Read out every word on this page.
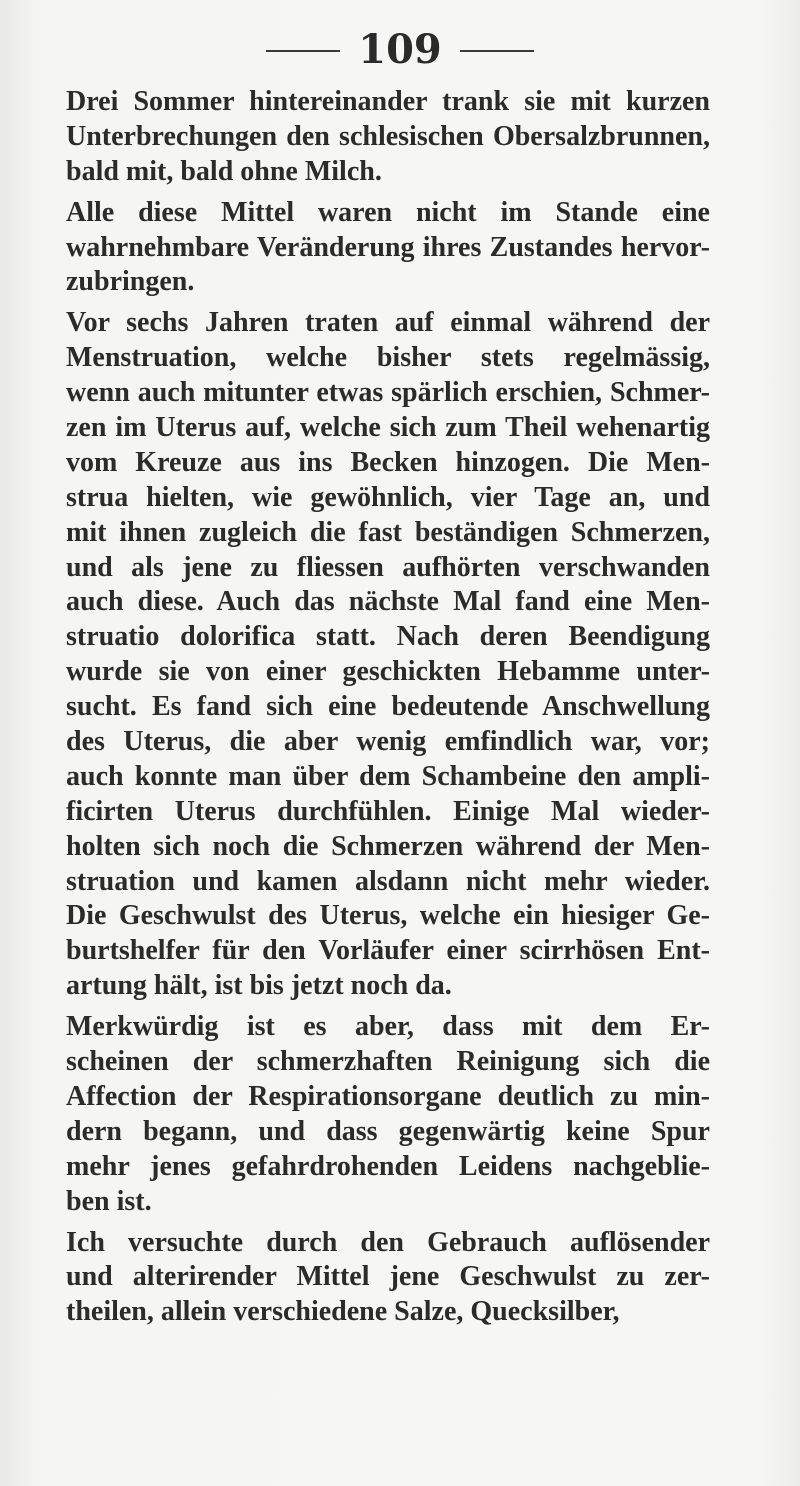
109
Drei Sommer hintereinander trank sie mit kurzen
Unterbrechungen den schlesischen Obersalzbrunnen,
bald mit, bald ohne Milch.
Alle diese Mittel waren nicht im Stande eine
wahrnehmbare Veränderung ihres Zustandes hervor-
zubringen.
Vor sechs Jahren traten auf einmal während der
Menstruation, welche bisher stets regelmässig,
wenn auch mitunter etwas spärlich erschien, Schmer-
zen im Uterus auf, welche sich zum Theil wehenartig
vom Kreuze aus ins Becken hinzogen. Die Men-
strua hielten, wie gewöhnlich, vier Tage an, und
mit ihnen zugleich die fast beständigen Schmerzen,
und als jene zu fliessen aufhörten verschwanden
auch diese. Auch das nächste Mal fand eine Men-
struatio dolorifica statt. Nach deren Beendigung
wurde sie von einer geschickten Hebamme unter-
sucht. Es fand sich eine bedeutende Anschwellung
des Uterus, die aber wenig emfindlich war, vor;
auch konnte man über dem Schambeine den ampli-
ficirten Uterus durchfühlen. Einige Mal wieder-
holten sich noch die Schmerzen während der Men-
struation und kamen alsdann nicht mehr wieder.
Die Geschwulst des Uterus, welche ein hiesiger Ge-
burtshelfer für den Vorläufer einer scirrhösen Ent-
artung hält, ist bis jetzt noch da.
Merkwürdig ist es aber, dass mit dem Er-
scheinen der schmerzhaften Reinigung sich die
Affection der Respirationsorgane deutlich zu min-
dern begann, und dass gegenwärtig keine Spur
mehr jenes gefahrdrohenden Leidens nachgeblie-
ben ist.
Ich versuchte durch den Gebrauch auflösender
und alterirender Mittel jene Geschwulst zu zer-
theilen, allein verschiedene Salze, Quecksilber,
